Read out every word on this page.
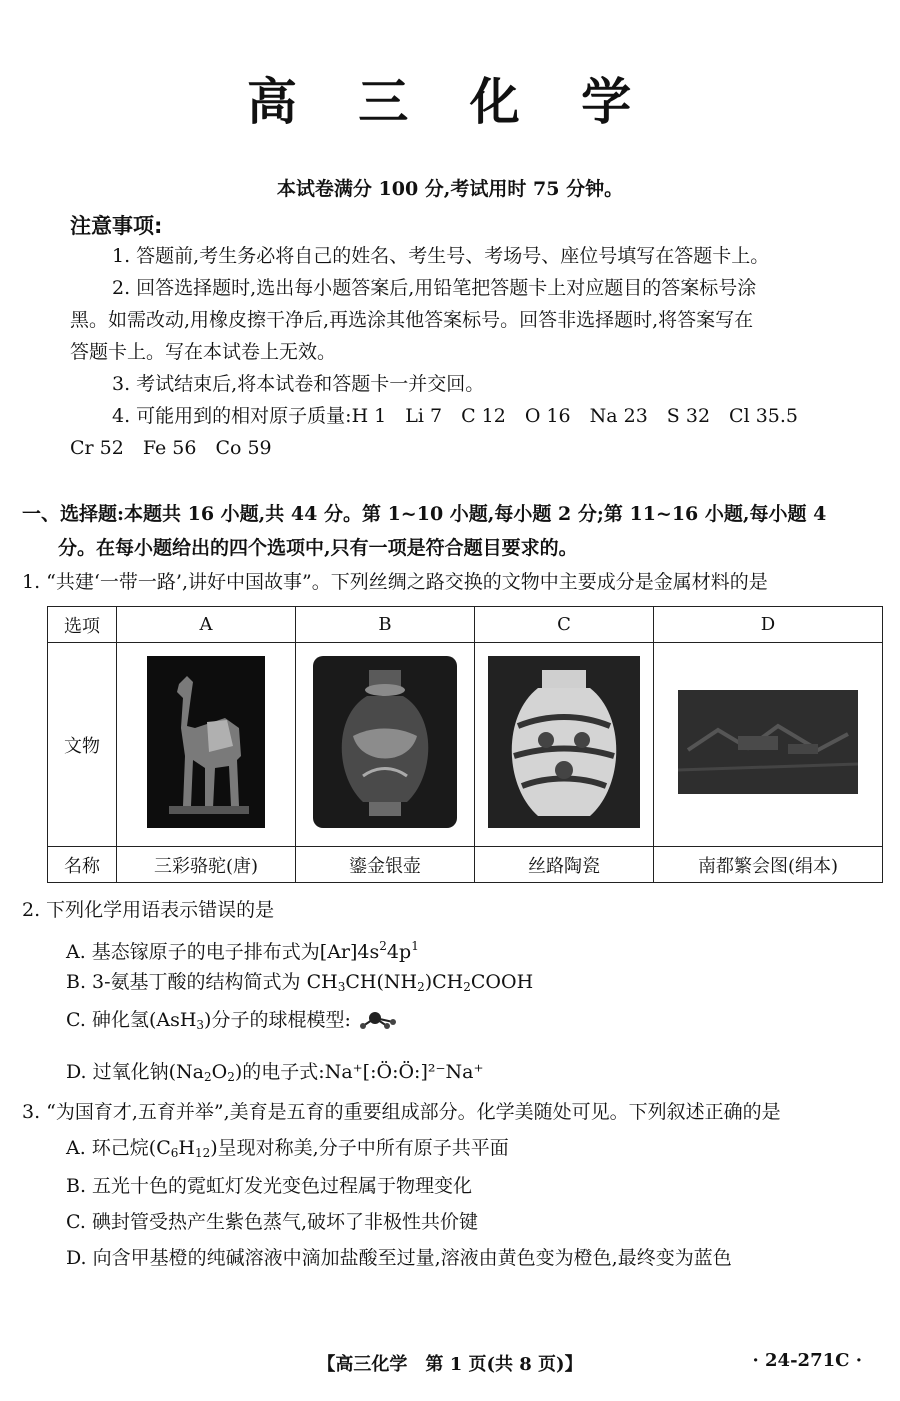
高 三 化 学
本试卷满分 100 分,考试用时 75 分钟。
注意事项:
1. 答题前,考生务必将自己的姓名、考生号、考场号、座位号填写在答题卡上。
2. 回答选择题时,选出每小题答案后,用铅笔把答题卡上对应题目的答案标号涂
黑。如需改动,用橡皮擦干净后,再选涂其他答案标号。回答非选择题时,将答案写在
答题卡上。写在本试卷上无效。
3. 考试结束后,将本试卷和答题卡一并交回。
4. 可能用到的相对原子质量:H 1　Li 7　C 12　O 16　Na 23　S 32　Cl 35.5
Cr 52　Fe 56　Co 59
一、选择题:本题共 16 小题,共 44 分。第 1~10 小题,每小题 2 分;第 11~16 小题,每小题 4
分。在每小题给出的四个选项中,只有一项是符合题目要求的。
1. “共建‘一带一路’,讲好中国故事”。下列丝绸之路交换的文物中主要成分是金属材料的是
选项	A	B	C	D
文物				
名称	三彩骆驼(唐)	鎏金银壶	丝路陶瓷	南都繁会图(绢本)
2. 下列化学用语表示错误的是
A. 基态镓原子的电子排布式为$[Ar]4s^24p^1$
B. 3-氨基丁酸的结构简式为 $CH_3CH(NH_2)CH_2COOH$
C. 砷化氢(AsH$_3$)分子的球棍模型:
D. 过氧化钠$(Na_2O_2)$的电子式:Na⁺[:Ö:Ö:]²⁻Na⁺
3. “为国育才,五育并举”,美育是五育的重要组成部分。化学美随处可见。下列叙述正确的是
A. 环己烷$(C_6H_{12})$呈现对称美,分子中所有原子共平面
B. 五光十色的霓虹灯发光变色过程属于物理变化
C. 碘封管受热产生紫色蒸气,破坏了非极性共价键
D. 向含甲基橙的纯碱溶液中滴加盐酸至过量,溶液由黄色变为橙色,最终变为蓝色
【高三化学　第 1 页(共 8 页)】	· 24-271C ·
